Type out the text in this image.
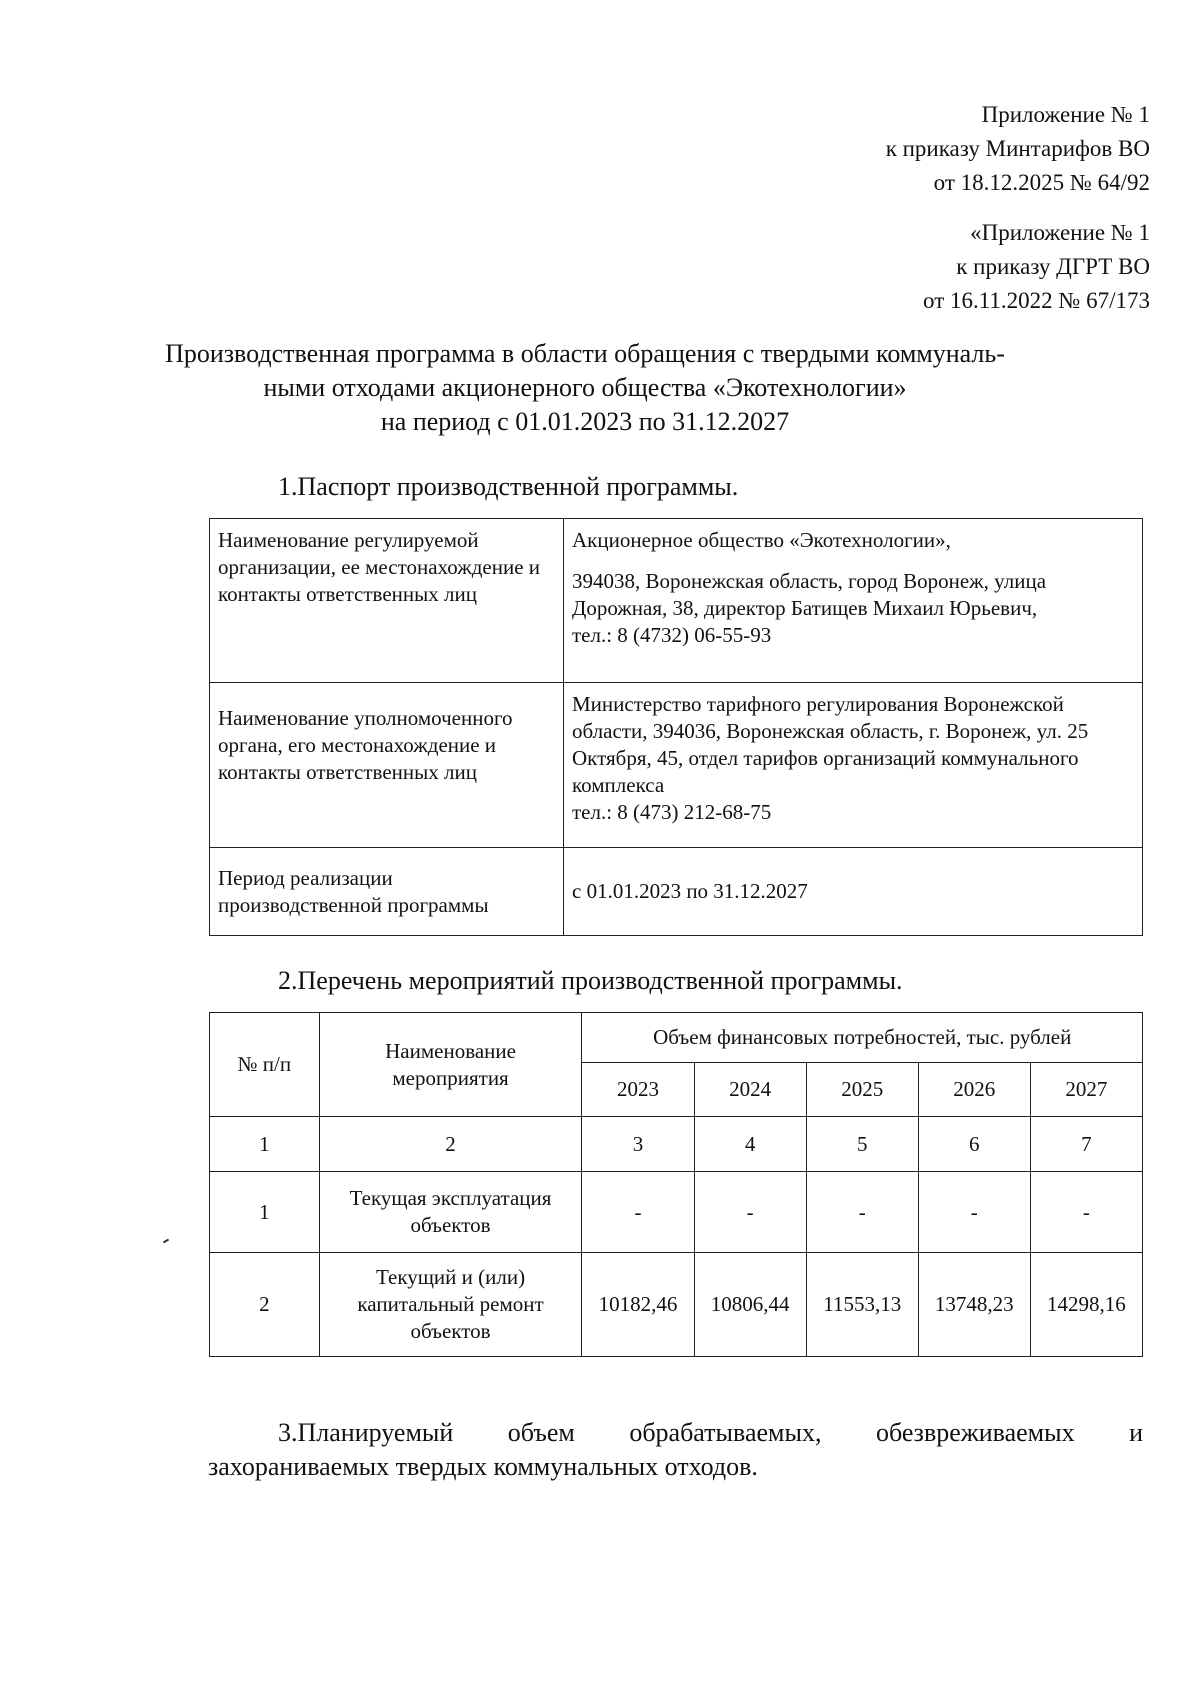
Приложение № 1
к приказу Минтарифов ВО
от 18.12.2025 № 64/92
«Приложение № 1
к приказу ДГРТ ВО
от 16.11.2022 № 67/173
Производственная программа в области обращения с твердыми коммуналь-
ными отходами акционерного общества «Экотехнологии»
на период с 01.01.2023 по 31.12.2027
1.Паспорт производственной программы.
Наименование регулируемой организации, ее местонахождение и контакты ответственных лиц	Акционерное общество «Экотехнологии»,
394038, Воронежская область, город Воронеж, улица Дорожная, 38, директор Батищев Михаил Юрьевич,
тел.: 8 (4732) 06-55-93

Наименование уполномоченного органа, его местонахождение и контакты ответственных лиц	Министерство тарифного регулирования Воронежской области, 394036, Воронежская область, г. Воронеж, ул. 25 Октября, 45, отдел тарифов организаций коммунального комплекса
тел.: 8 (473) 212-68-75

Период реализации производственной программы	с 01.01.2023 по 31.12.2027
2.Перечень мероприятий производственной программы.
№ п/п	Наименование мероприятия	Объем финансовых потребностей, тыс. рублей				
		2023	2024	2025	2026	2027
1	2	3	4	5	6	7
1	Текущая эксплуатация объектов	-	-	-	-	-
2	Текущий и (или) капитальный ремонт объектов	10182,46	10806,44	11553,13	13748,23	14298,16
3.Планируемый объем обрабатываемых, обезвреживаемых и
захораниваемых твердых коммунальных отходов.
